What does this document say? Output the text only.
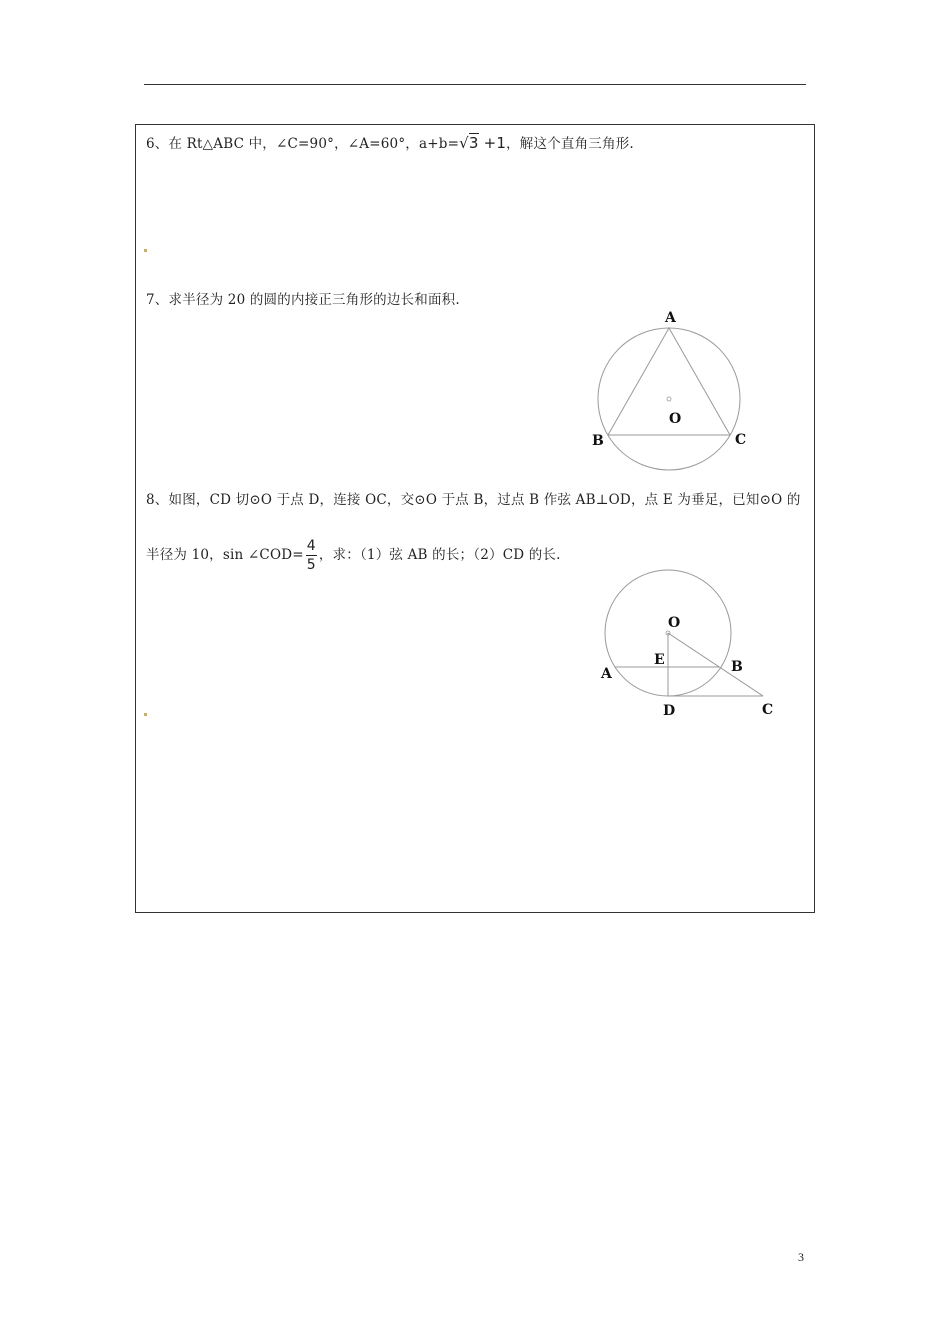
6、在 Rt△ABC 中，∠C=90°，∠A=60°，a+b=√3 +1，解这个直角三角形.
7、求半径为 20 的圆的内接正三角形的边长和面积.
A
B	C
O
8、如图，CD 切⊙O 于点 D，连接 OC，交⊙O 于点 B，过点 B 作弦 AB⊥OD，点 E 为垂足，已知⊙O 的
半径为 10，sin ∠COD= $\frac{4}{5}$ ，求：（1）弦 AB 的长；（2）CD 的长.
O
E
A	B
D	C
3
